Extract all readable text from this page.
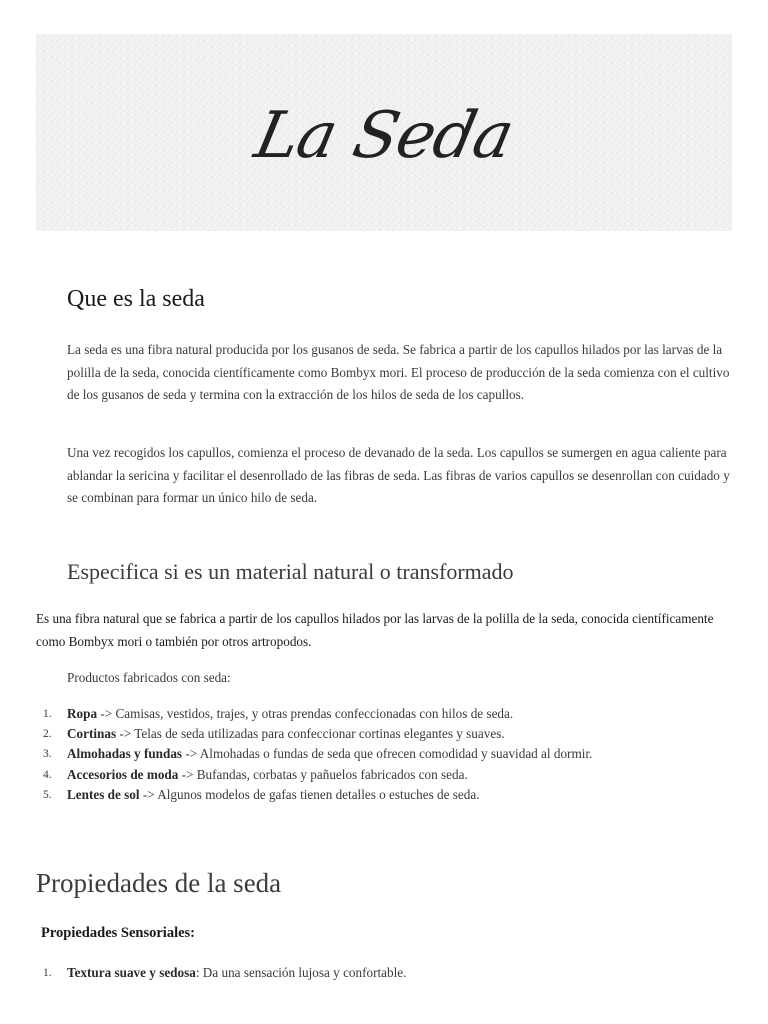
La Seda
Que es la seda

La seda es una fibra natural producida por los gusanos de seda. Se fabrica a partir de los capullos hilados por las larvas de la polilla de la seda, conocida científicamente como Bombyx mori. El proceso de producción de la seda comienza con el cultivo de los gusanos de seda y termina con la extracción de los hilos de seda de los capullos.

Una vez recogidos los capullos, comienza el proceso de devanado de la seda. Los capullos se sumergen en agua caliente para ablandar la sericina y facilitar el desenrollado de las fibras de seda. Las fibras de varios capullos se desenrollan con cuidado y se combinan para formar un único hilo de seda.

Especifica si es un material natural o transformado

Es una fibra natural que se fabrica a partir de los capullos hilados por las larvas de la polilla de la seda, conocida científicamente como Bombyx mori o también por otros artropodos.

Productos fabricados con seda:

1. Ropa -> Camisas, vestidos, trajes, y otras prendas confeccionadas con hilos de seda.
2. Cortinas -> Telas de seda utilizadas para confeccionar cortinas elegantes y suaves.
3. Almohadas y fundas -> Almohadas o fundas de seda que ofrecen comodidad y suavidad al dormir.
4. Accesorios de moda -> Bufandas, corbatas y pañuelos fabricados con seda.
5. Lentes de sol -> Algunos modelos de gafas tienen detalles o estuches de seda.
Propiedades de la seda
Propiedades Sensoriales:
1. Textura suave y sedosa: Da una sensación lujosa y confortable.
